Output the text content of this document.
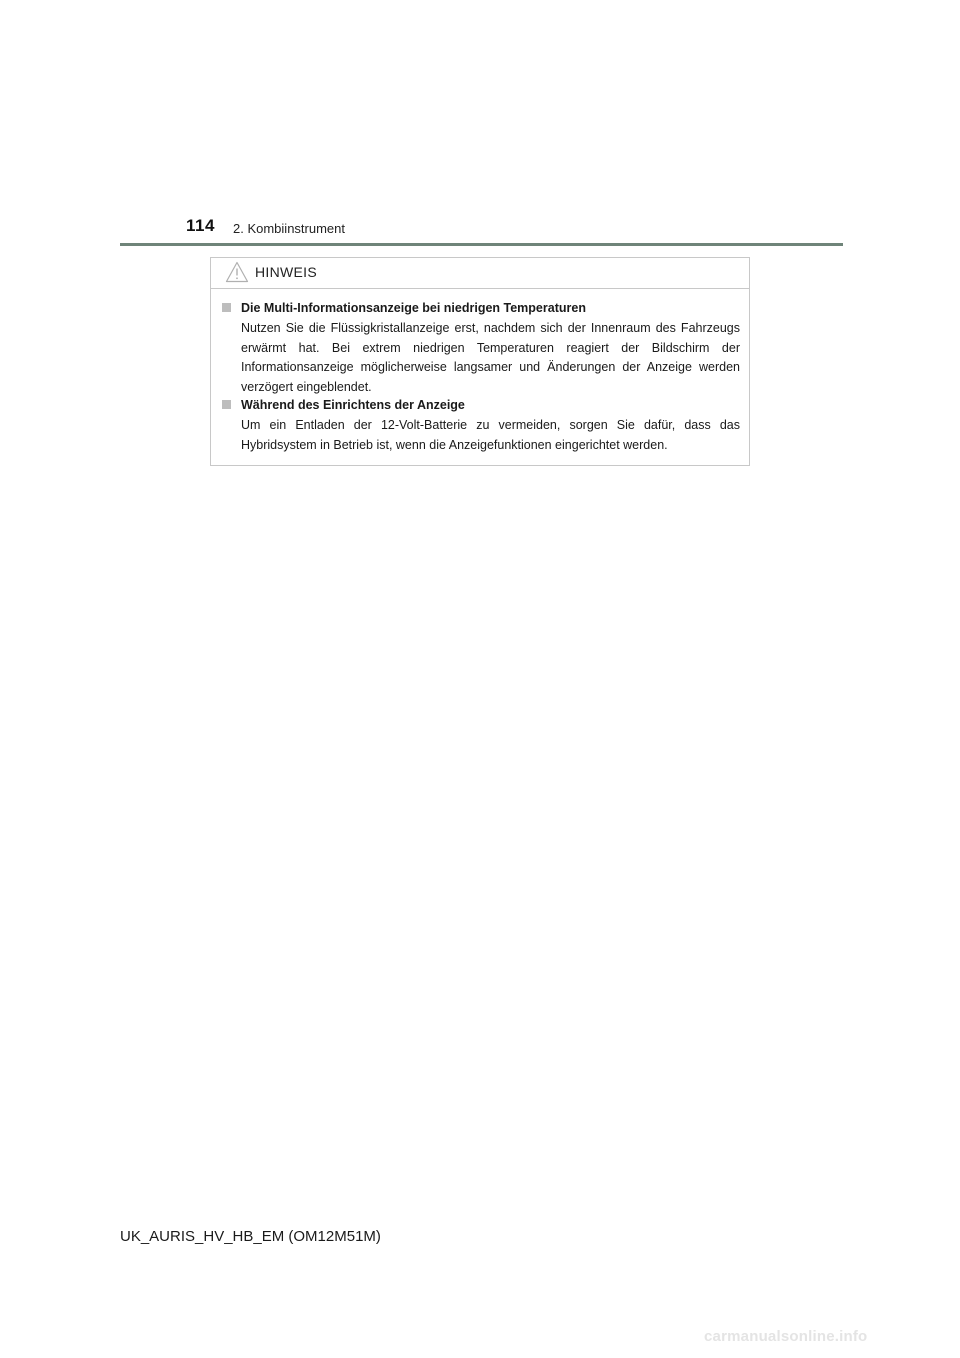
114 2. Kombiinstrument
HINWEIS
Die Multi-Informationsanzeige bei niedrigen Temperaturen
Nutzen Sie die Flüssigkristallanzeige erst, nachdem sich der Innenraum des Fahrzeugs erwärmt hat. Bei extrem niedrigen Temperaturen reagiert der Bildschirm der Informationsanzeige möglicherweise langsamer und Änderungen der Anzeige werden verzögert eingeblendet.
Während des Einrichtens der Anzeige
Um ein Entladen der 12-Volt-Batterie zu vermeiden, sorgen Sie dafür, dass das Hybridsystem in Betrieb ist, wenn die Anzeigefunktionen eingerichtet werden.
UK_AURIS_HV_HB_EM (OM12M51M)
carmanualsonline.info
